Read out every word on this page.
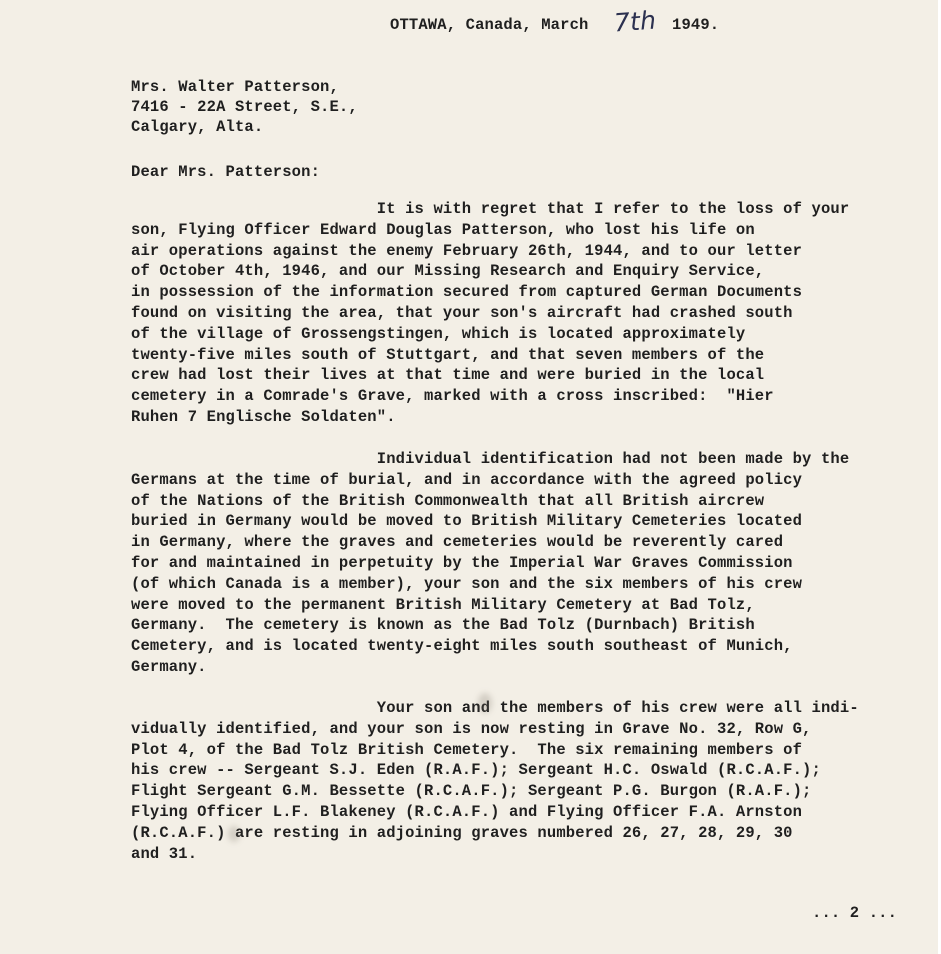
OTTAWA, Canada, March 7th 1949.
Mrs. Walter Patterson,
7416 - 22A Street, S.E.,
Calgary, Alta.
Dear Mrs. Patterson:
It is with regret that I refer to the loss of your
son, Flying Officer Edward Douglas Patterson, who lost his life on
air operations against the enemy February 26th, 1944, and to our letter
of October 4th, 1946, and our Missing Research and Enquiry Service,
in possession of the information secured from captured German Documents
found on visiting the area, that your son's aircraft had crashed south
of the village of Grossengstingen, which is located approximately
twenty-five miles south of Stuttgart, and that seven members of the
crew had lost their lives at that time and were buried in the local
cemetery in a Comrade's Grave, marked with a cross inscribed:  "Hier
Ruhen 7 Englische Soldaten".
Individual identification had not been made by the
Germans at the time of burial, and in accordance with the agreed policy
of the Nations of the British Commonwealth that all British aircrew
buried in Germany would be moved to British Military Cemeteries located
in Germany, where the graves and cemeteries would be reverently cared
for and maintained in perpetuity by the Imperial War Graves Commission
(of which Canada is a member), your son and the six members of his crew
were moved to the permanent British Military Cemetery at Bad Tolz,
Germany.  The cemetery is known as the Bad Tolz (Durnbach) British
Cemetery, and is located twenty-eight miles south southeast of Munich,
Germany.
Your son and the members of his crew were all indi-
vidually identified, and your son is now resting in Grave No. 32, Row G,
Plot 4, of the Bad Tolz British Cemetery.  The six remaining members of
his crew -- Sergeant S.J. Eden (R.A.F.); Sergeant H.C. Oswald (R.C.A.F.);
Flight Sergeant G.M. Bessette (R.C.A.F.); Sergeant P.G. Burgon (R.A.F.);
Flying Officer L.F. Blakeney (R.C.A.F.) and Flying Officer F.A. Arnston
(R.C.A.F.) are resting in adjoining graves numbered 26, 27, 28, 29, 30
and 31.
... 2 ...
